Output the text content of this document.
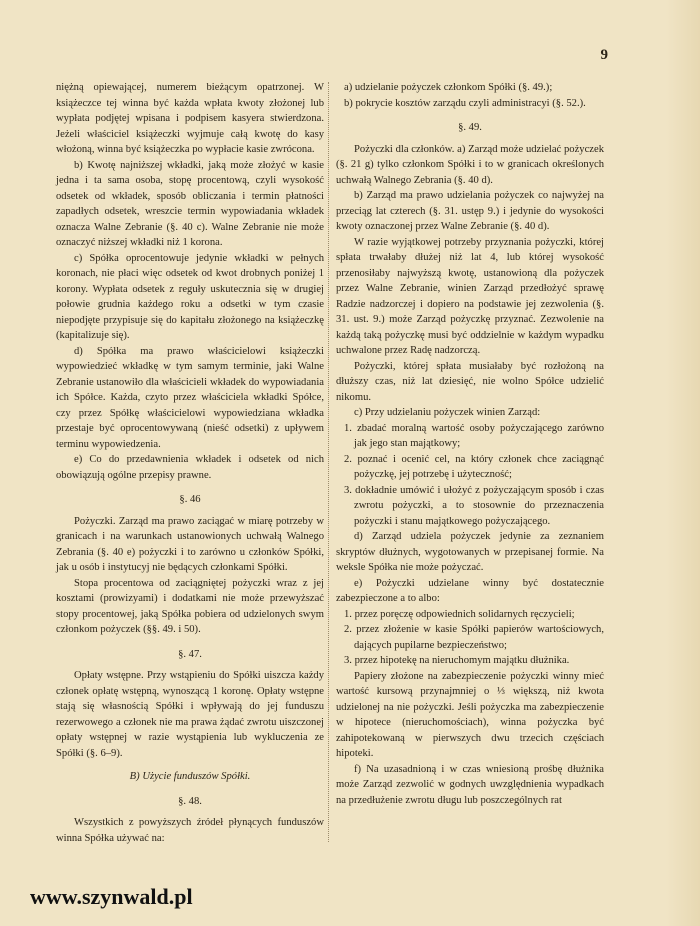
9

niężną opiewającej, numerem bieżącym opatrzonej. W książeczce tej winna być każda wpłata kwoty złożonej lub wypłata podjętej wpisana i podpisem kasyera stwierdzona. Jeżeli właściciel książeczki wyjmuje całą kwotę do kasy włożoną, winna być książeczka po wypłacie kasie zwrócona.

b) Kwotę najniższej wkładki, jaką może złożyć w kasie jedna i ta sama osoba, stopę procentową, czyli wysokość odsetek od wkładek, sposób obliczania i termin płatności zapadłych odsetek, wreszcie termin wypowiadania wkładek oznacza Walne Zebranie (§. 40 c). Walne Zebranie nie może oznaczyć niższej wkładki niż 1 korona.

c) Spółka oprocentowuje jedynie wkładki w pełnych koronach, nie płaci więc odsetek od kwot drobnych poniżej 1 korony. Wypłata odsetek z reguły uskutecznia się w drugiej połowie grudnia każdego roku a odsetki w tym czasie niepodjęte przypisuje się do kapitału złożonego na książeczkę (kapitalizuje się).

d) Spółka ma prawo właścicielowi książeczki wypowiedzieć wkładkę w tym samym terminie, jaki Walne Zebranie ustanowiło dla właścicieli wkładek do wypowiadania ich Spółce. Każda, czyto przez właściciela wkładki Spółce, czy przez Spółkę właścicielowi wypowiedziana wkładka przestaje być oprocentowywaną (nieść odsetki) z upływem terminu wypowiedzenia.

e) Co do przedawnienia wkładek i odsetek od nich obowiązują ogólne przepisy prawne.

§. 46

Pożyczki. Zarząd ma prawo zaciągać w miarę potrzeby w granicach i na warunkach ustanowionych uchwałą Walnego Zebrania (§. 40 e) pożyczki i to zarówno u członków Spółki, jak u osób i instytucyj nie będących członkami Spółki.

Stopa procentowa od zaciągniętej pożyczki wraz z jej kosztami (prowizyami) i dodatkami nie może przewyższać stopy procentowej, jaką Spółka pobiera od udzielonych swym członkom pożyczek (§§. 49. i 50).

§. 47.

Opłaty wstępne. Przy wstąpieniu do Spółki uiszcza każdy członek opłatę wstępną, wynoszącą 1 koronę. Opłaty wstępne stają się własnością Spółki i wpływają do jej funduszu rezerwowego a członek nie ma prawa żądać zwrotu uiszczonej opłaty wstępnej w razie wystąpienia lub wykluczenia ze Spółki (§. 6–9).

B) Użycie funduszów Spółki.
§. 48.

Wszystkich z powyższych źródeł płynących funduszów winna Spółka używać na:

a) udzielanie pożyczek członkom Spółki (§. 49.);

b) pokrycie kosztów zarządu czyli administracyi (§. 52.).

§. 49.

Pożyczki dla członków. a) Zarząd może udzielać pożyczek (§. 21 g) tylko członkom Spółki i to w granicach określonych uchwałą Walnego Zebrania (§. 40 d).

b) Zarząd ma prawo udzielania pożyczek co najwyżej na przeciąg lat czterech (§. 31. ustęp 9.) i jedynie do wysokości kwoty oznaczonej przez Walne Zebranie (§. 40 d).

W razie wyjątkowej potrzeby przyznania pożyczki, której spłata trwałaby dłużej niż lat 4, lub której wysokość przenosiłaby najwyższą kwotę, ustanowioną dla pożyczek przez Walne Zebranie, winien Zarząd przedłożyć sprawę Radzie nadzorczej i dopiero na podstawie jej zezwolenia (§. 31. ust. 9.) może Zarząd pożyczkę przyznać. Zezwolenie na każdą taką pożyczkę musi być oddzielnie w każdym wypadku uchwalone przez Radę nadzorczą.

Pożyczki, której spłata musiałaby być rozłożoną na dłuższy czas, niż lat dziesięć, nie wolno Spółce udzielić nikomu.

c) Przy udzielaniu pożyczek winien Zarząd:

1. zbadać moralną wartość osoby pożyczającego zarówno jak jego stan majątkowy;

2. poznać i ocenić cel, na który członek chce zaciągnąć pożyczkę, jej potrzebę i użyteczność;

3. dokładnie umówić i ułożyć z pożyczającym sposób i czas zwrotu pożyczki, a to stosownie do przeznaczenia pożyczki i stanu majątkowego pożyczającego.

d) Zarząd udziela pożyczek jedynie za zeznaniem skryptów dłużnych, wygotowanych w przepisanej formie. Na weksle Spółka nie może pożyczać.

e) Pożyczki udzielane winny być dostatecznie zabezpieczone a to albo:

1. przez poręczę odpowiednich solidarnych ręczycieli;

2. przez złożenie w kasie Spółki papierów wartościowych, dających pupilarne bezpieczeństwo;

3. przez hipotekę na nieruchomym majątku dłużnika.

Papiery złożone na zabezpieczenie pożyczki winny mieć wartość kursową przynajmniej o ⅓ większą, niż kwota udzielonej na nie pożyczki. Jeśli pożyczka ma zabezpieczenie w hipotece (nieruchomościach), winna pożyczka być zahipotekowaną w pierwszych dwu trzecich częściach hipoteki.

f) Na uzasadnioną i w czas wniesioną prośbę dłużnika może Zarząd zezwolić w godnych uwzględnienia wypadkach na przedłużenie zwrotu długu lub poszczególnych rat

www.szynwald.pl
